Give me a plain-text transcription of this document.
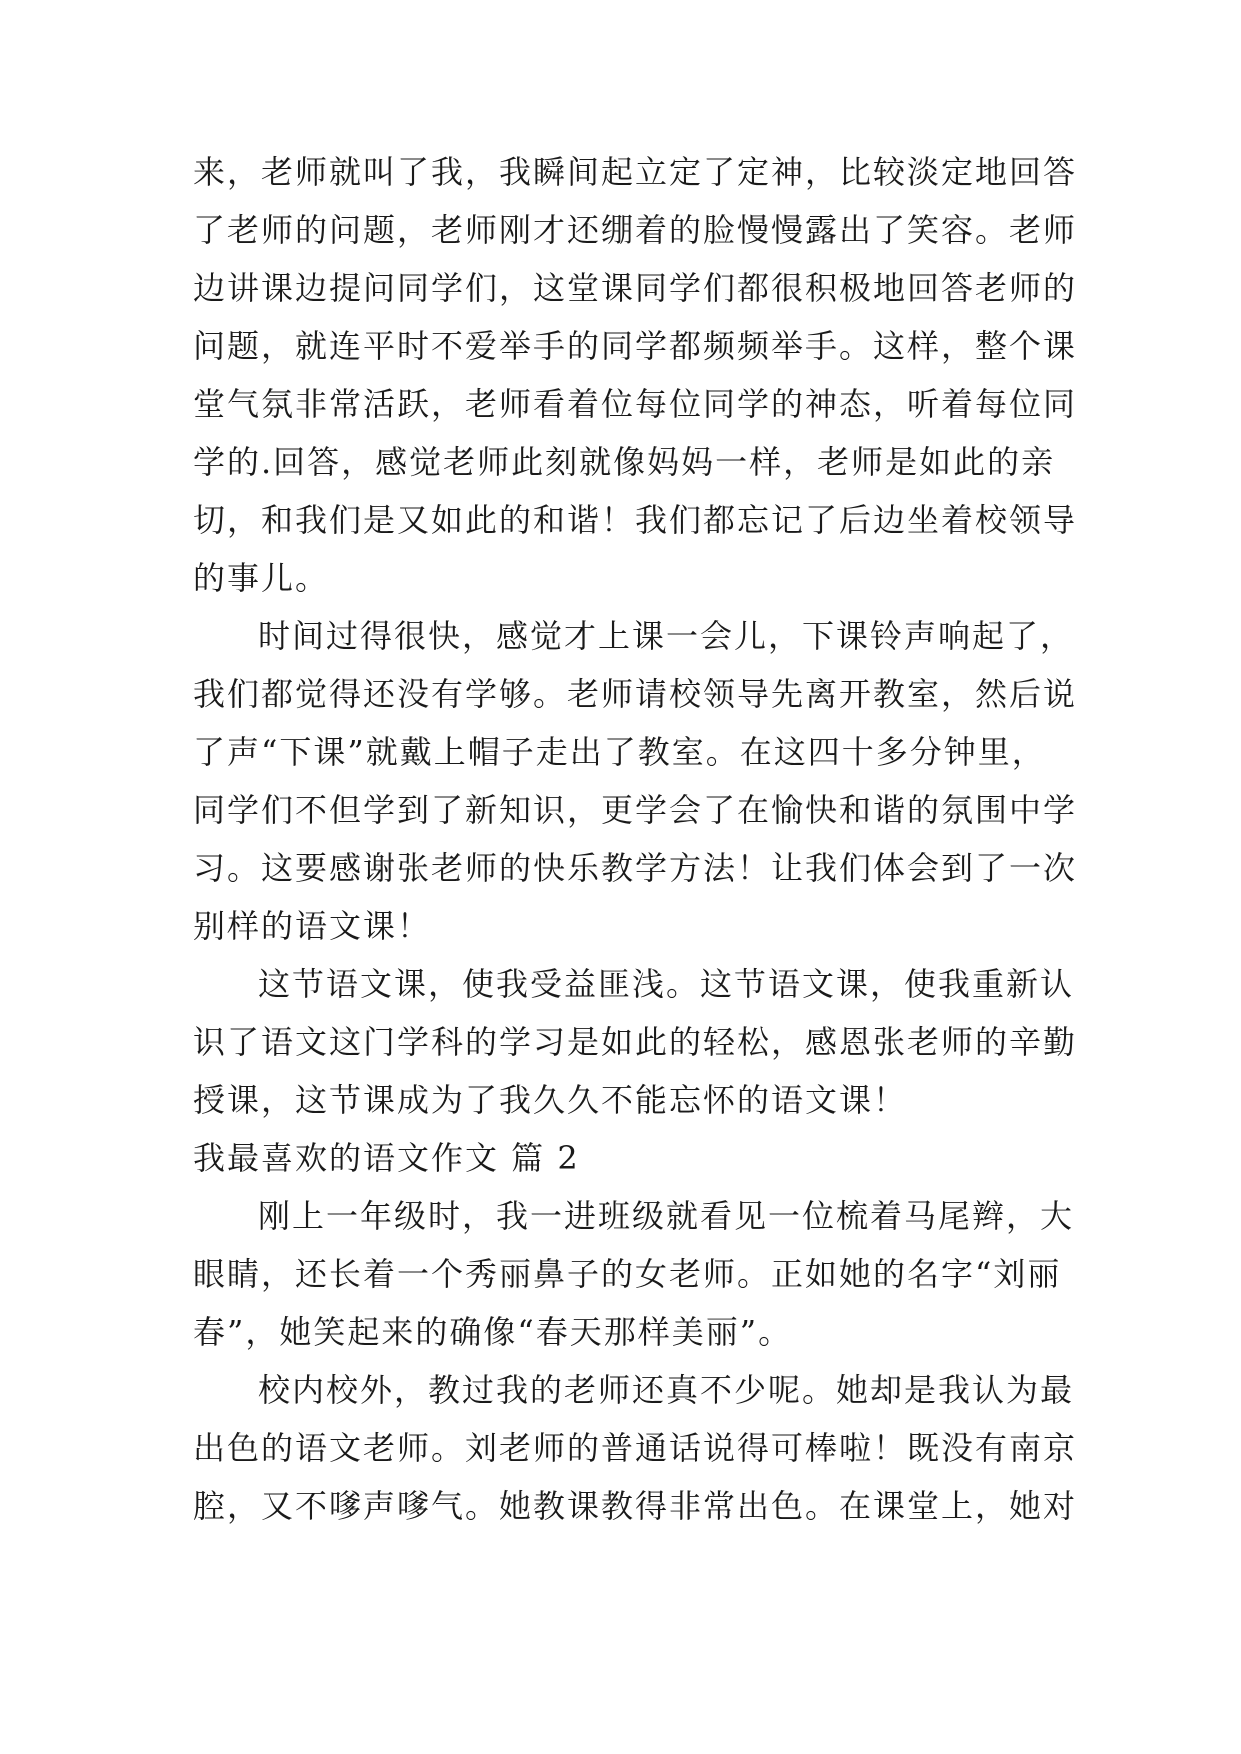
来，老师就叫了我，我瞬间起立定了定神，比较淡定地回答
了老师的问题，老师刚才还绷着的脸慢慢露出了笑容。老师
边讲课边提问同学们，这堂课同学们都很积极地回答老师的
问题，就连平时不爱举手的同学都频频举手。这样，整个课
堂气氛非常活跃，老师看着位每位同学的神态，听着每位同
学的.回答，感觉老师此刻就像妈妈一样，老师是如此的亲
切，和我们是又如此的和谐！我们都忘记了后边坐着校领导
的事儿。
时间过得很快，感觉才上课一会儿，下课铃声响起了，
我们都觉得还没有学够。老师请校领导先离开教室，然后说
了声“下课”就戴上帽子走出了教室。在这四十多分钟里，
同学们不但学到了新知识，更学会了在愉快和谐的氛围中学
习。这要感谢张老师的快乐教学方法！让我们体会到了一次
别样的语文课！
这节语文课，使我受益匪浅。这节语文课，使我重新认
识了语文这门学科的学习是如此的轻松，感恩张老师的辛勤
授课，这节课成为了我久久不能忘怀的语文课！
我最喜欢的语文作文 篇 2
刚上一年级时，我一进班级就看见一位梳着马尾辫，大
眼睛，还长着一个秀丽鼻子的女老师。正如她的名字“刘丽
春”，她笑起来的确像“春天那样美丽”。
校内校外，教过我的老师还真不少呢。她却是我认为最
出色的语文老师。刘老师的普通话说得可棒啦！既没有南京
腔，又不嗲声嗲气。她教课教得非常出色。在课堂上，她对
